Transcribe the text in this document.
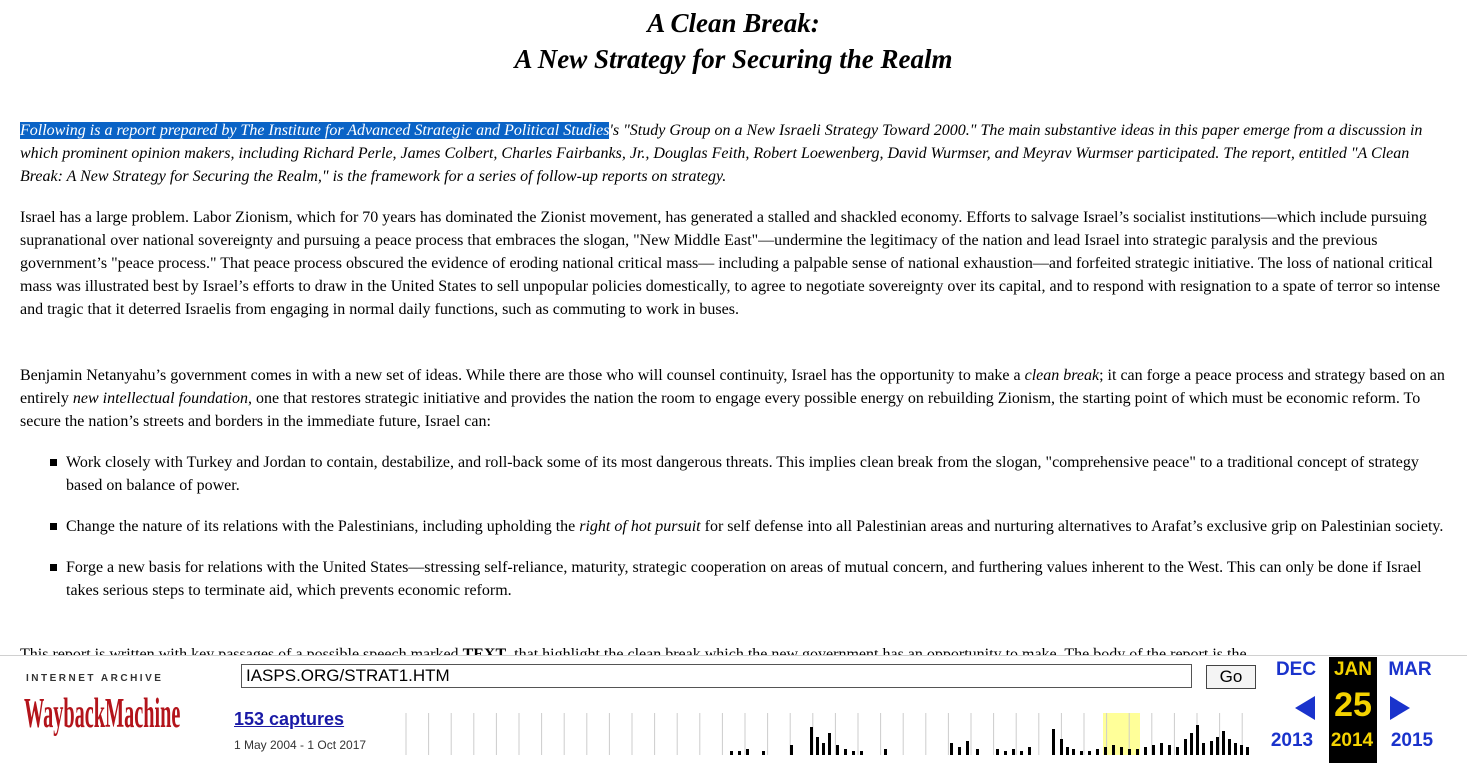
A Clean Break:
A New Strategy for Securing the Realm

Following is a report prepared by The Institute for Advanced Strategic and Political Studies's "Study Group on a New Israeli Strategy Toward 2000." The main substantive ideas in this paper emerge from a discussion in which prominent opinion makers, including Richard Perle, James Colbert, Charles Fairbanks, Jr., Douglas Feith, Robert Loewenberg, David Wurmser, and Meyrav Wurmser participated. The report, entitled "A Clean Break: A New Strategy for Securing the Realm," is the framework for a series of follow-up reports on strategy.

Israel has a large problem. Labor Zionism, which for 70 years has dominated the Zionist movement, has generated a stalled and shackled economy. Efforts to salvage Israel’s socialist institutions—which include pursuing supranational over national sovereignty and pursuing a peace process that embraces the slogan, "New Middle East"—undermine the legitimacy of the nation and lead Israel into strategic paralysis and the previous government’s "peace process." That peace process obscured the evidence of eroding national critical mass— including a palpable sense of national exhaustion—and forfeited strategic initiative. The loss of national critical mass was illustrated best by Israel’s efforts to draw in the United States to sell unpopular policies domestically, to agree to negotiate sovereignty over its capital, and to respond with resignation to a spate of terror so intense and tragic that it deterred Israelis from engaging in normal daily functions, such as commuting to work in buses.

Benjamin Netanyahu’s government comes in with a new set of ideas. While there are those who will counsel continuity, Israel has the opportunity to make a clean break; it can forge a peace process and strategy based on an entirely new intellectual foundation, one that restores strategic initiative and provides the nation the room to engage every possible energy on rebuilding Zionism, the starting point of which must be economic reform. To secure the nation’s streets and borders in the immediate future, Israel can:

Work closely with Turkey and Jordan to contain, destabilize, and roll-back some of its most dangerous threats. This implies clean break from the slogan, "comprehensive peace" to a traditional concept of strategy based on balance of power.
Change the nature of its relations with the Palestinians, including upholding the right of hot pursuit for self defense into all Palestinian areas and nurturing alternatives to Arafat’s exclusive grip on Palestinian society.
Forge a new basis for relations with the United States—stressing self-reliance, maturity, strategic cooperation on areas of mutual concern, and furthering values inherent to the West. This can only be done if Israel takes serious steps to terminate aid, which prevents economic reform.

INTERNET ARCHIVE
WaybackMachine
IASPS.ORG/STRAT1.HTM
Go
153 captures
1 May 2004 - 1 Oct 2017
DEC JAN MAR
25
2013 2014 2015
